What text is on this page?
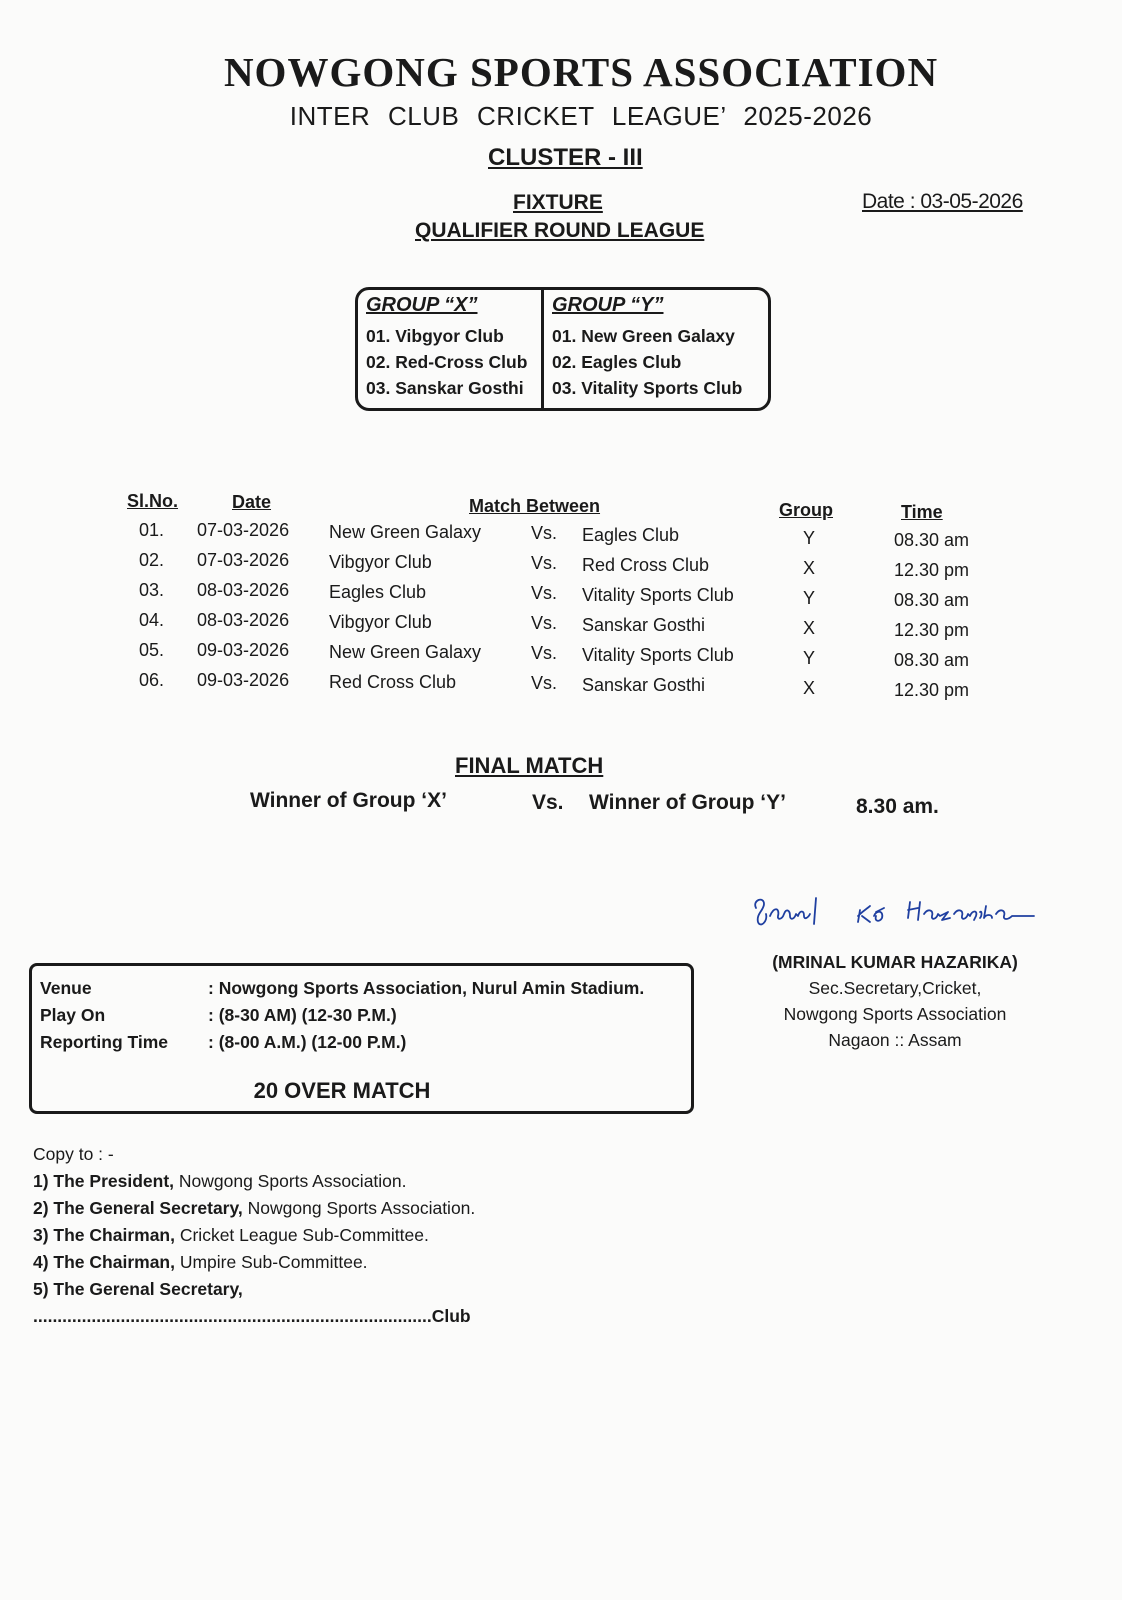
NOWGONG SPORTS ASSOCIATION
INTER CLUB CRICKET LEAGUE’ 2025-2026
CLUSTER - III
FIXTURE
QUALIFIER ROUND LEAGUE
Date : 03-05-2026
GROUP “X”
01. Vibgyor Club
02. Red-Cross Club
03. Sanskar Gosthi
GROUP “Y”
01. New Green Galaxy
02. Eagles Club
03. Vitality Sports Club
Sl.No.	Date	Match Between	Group	Time
01. 07-03-2026 New Green Galaxy	Vs. Eagles Club	Y	08.30 am
02. 07-03-2026 Vibgyor Club	Vs. Red Cross Club	X	12.30 pm
03. 08-03-2026 Eagles Club	Vs. Vitality Sports Club	Y	08.30 am
04. 08-03-2026 Vibgyor Club	Vs. Sanskar Gosthi	X	12.30 pm
05. 09-03-2026 New Green Galaxy	Vs. Vitality Sports Club	Y	08.30 am
06. 09-03-2026 Red Cross Club	Vs. Sanskar Gosthi	X	12.30 pm
FINAL MATCH
Winner of Group ‘X’	Vs. Winner of Group ‘Y’	8.30 am.
(MRINAL KUMAR HAZARIKA)
Sec.Secretary,Cricket,
Nowgong Sports Association
Nagaon :: Assam
Venue	: Nowgong Sports Association, Nurul Amin Stadium.
Play On	: (8-30 AM) (12-30 P.M.)
Reporting Time : (8-00 A.M.) (12-00 P.M.)
20 OVER MATCH
Copy to : -
1) The President, Nowgong Sports Association.
2) The General Secretary, Nowgong Sports Association.
3) The Chairman, Cricket League Sub-Committee.
4) The Chairman, Umpire Sub-Committee.
5) The Gerenal Secretary,
..................................................................................Club
